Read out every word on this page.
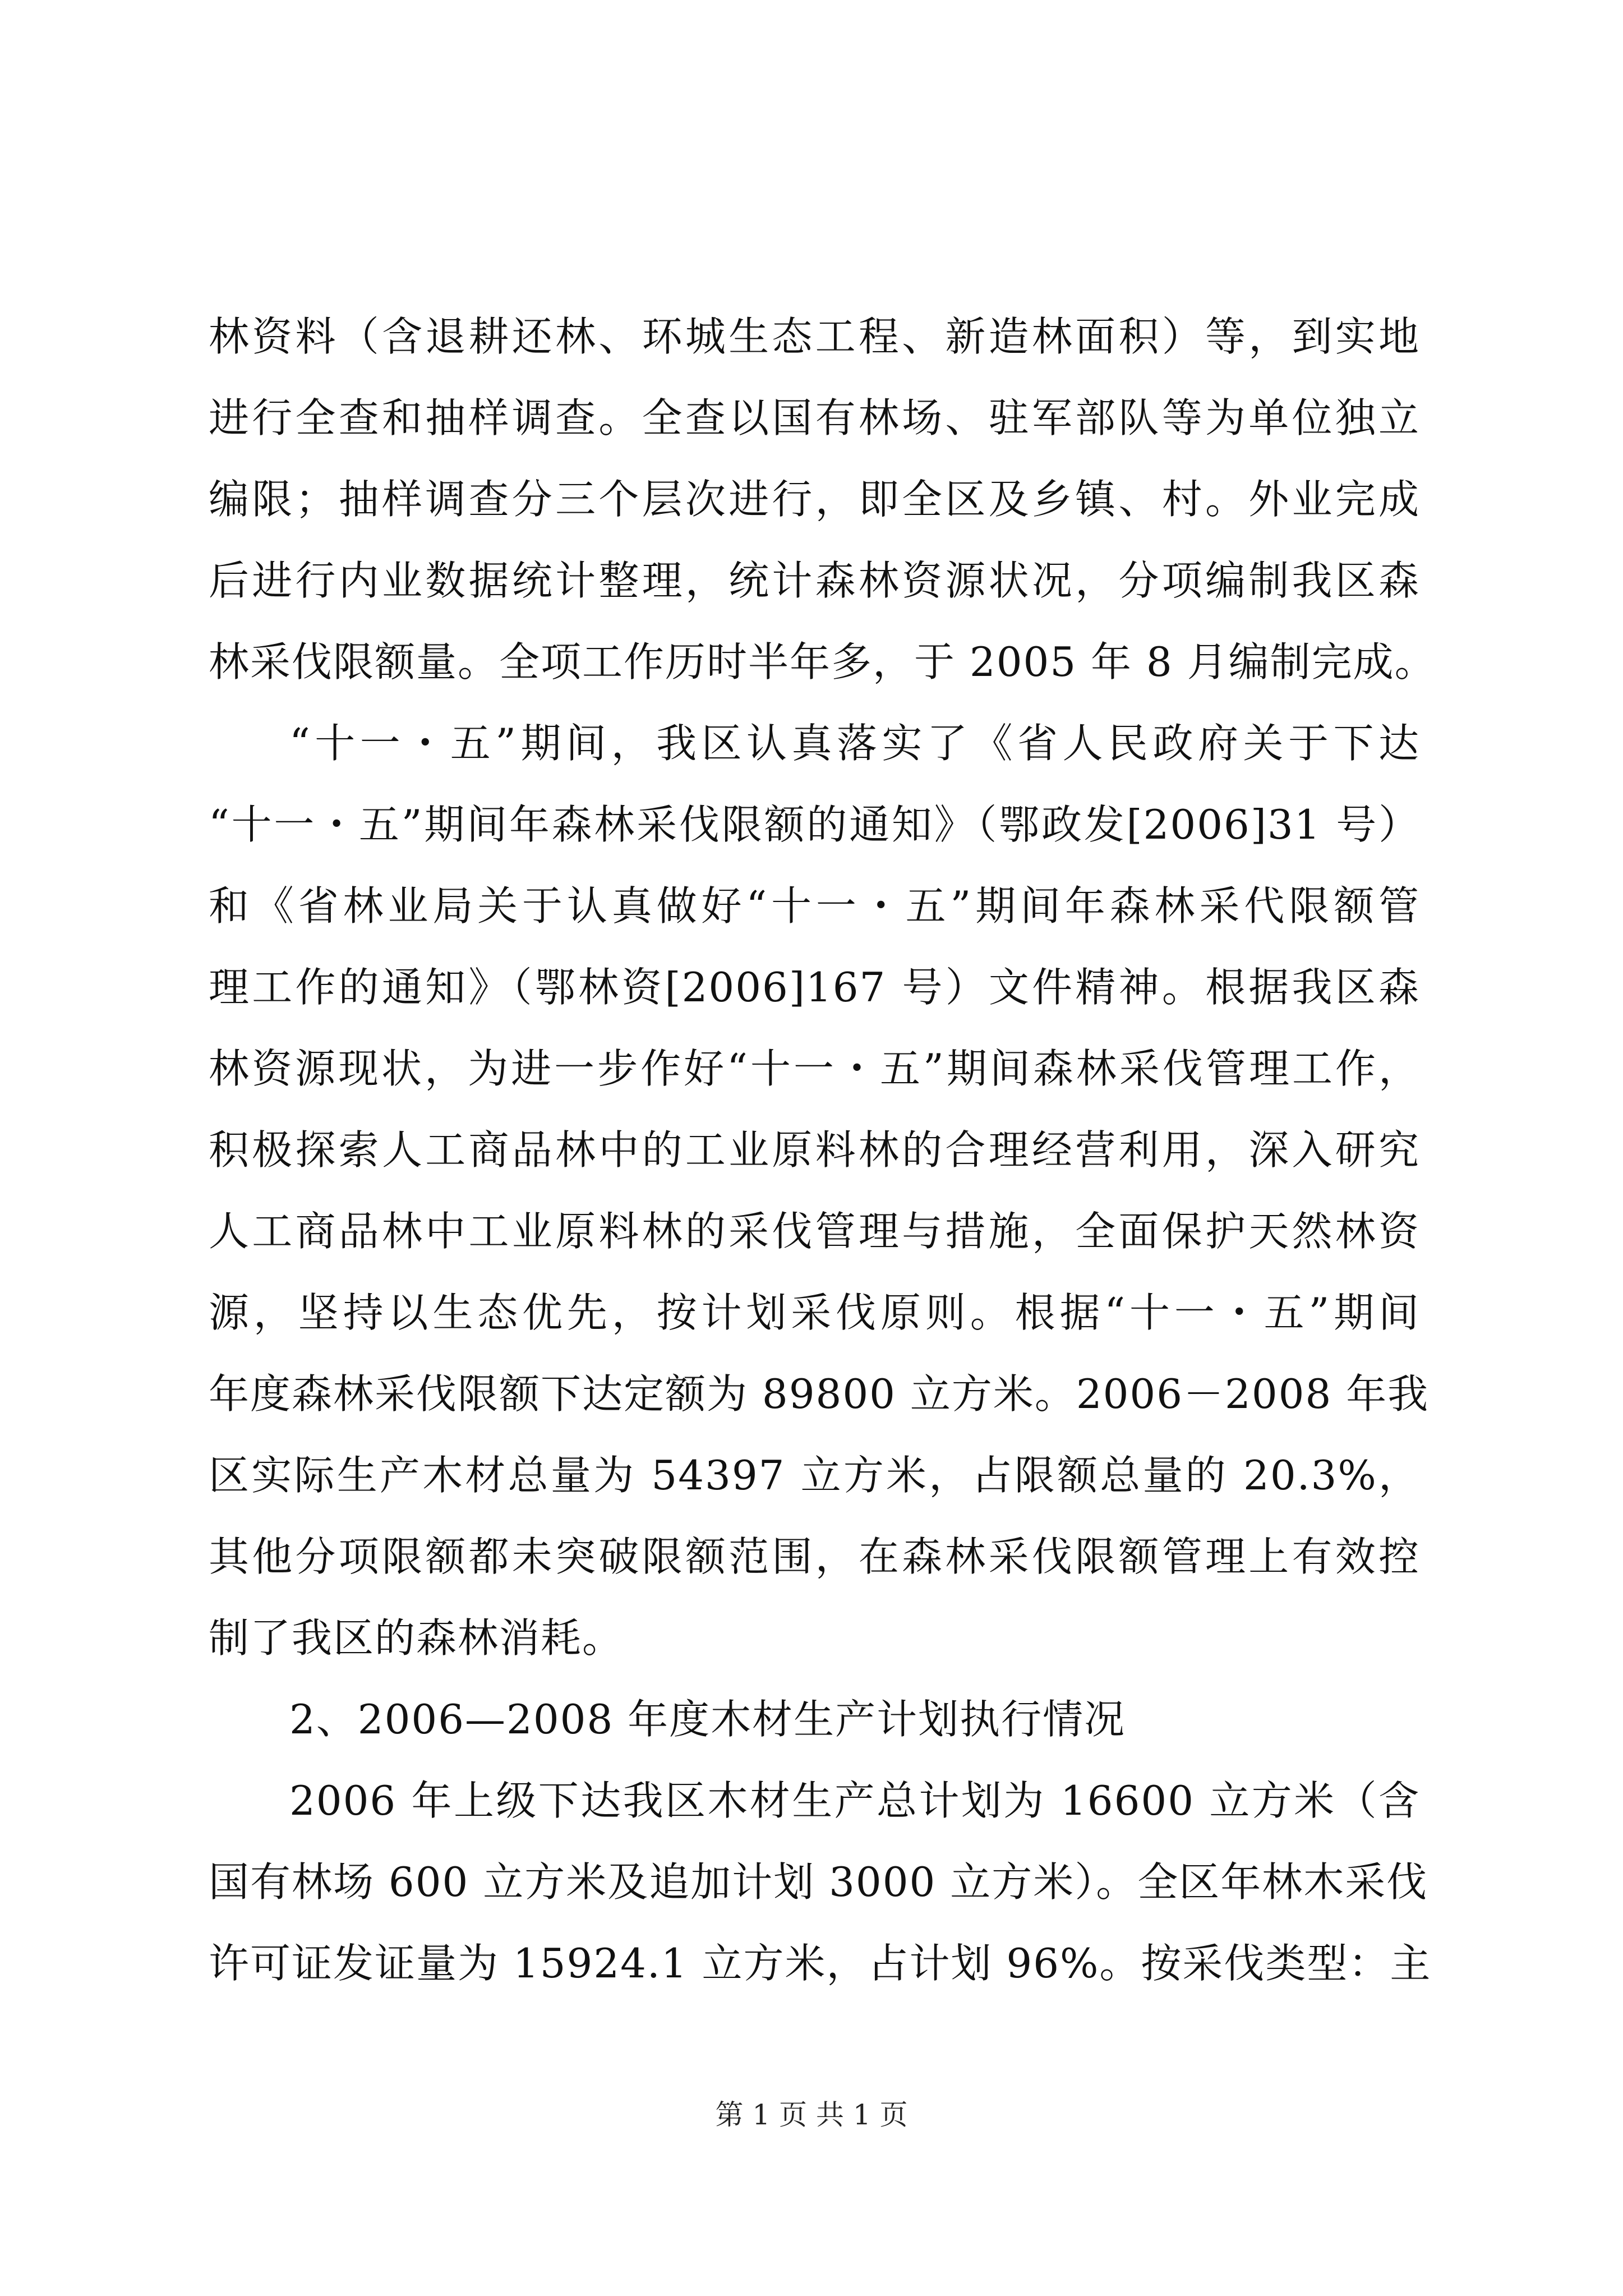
林资料（含退耕还林、环城生态工程、新造林面积）等，到实地
进行全查和抽样调查。全查以国有林场、驻军部队等为单位独立
编限；抽样调查分三个层次进行，即全区及乡镇、村。外业完成
后进行内业数据统计整理，统计森林资源状况，分项编制我区森
林采伐限额量。全项工作历时半年多，于 2005 年 8 月编制完成。
“十一・五”期间，我区认真落实了《省人民政府关于下达
“十一・五”期间年森林采伐限额的通知》（鄂政发[2006]31 号）
和《省林业局关于认真做好“十一・五”期间年森林采代限额管
理工作的通知》（鄂林资[2006]167 号）文件精神。根据我区森
林资源现状，为进一步作好“十一・五”期间森林采伐管理工作，
积极探索人工商品林中的工业原料林的合理经营利用，深入研究
人工商品林中工业原料林的采伐管理与措施，全面保护天然林资
源，坚持以生态优先，按计划采伐原则。根据“十一・五”期间
年度森林采伐限额下达定额为 89800 立方米。2006－2008 年我
区实际生产木材总量为 54397 立方米，占限额总量的 20.3%，
其他分项限额都未突破限额范围，在森林采伐限额管理上有效控
制了我区的森林消耗。
2、2006—2008 年度木材生产计划执行情况
2006 年上级下达我区木材生产总计划为 16600 立方米（含
国有林场 600 立方米及追加计划 3000 立方米）。全区年林木采伐
许可证发证量为 15924.1 立方米，占计划 96%。按采伐类型：主
第 1 页 共 1 页
